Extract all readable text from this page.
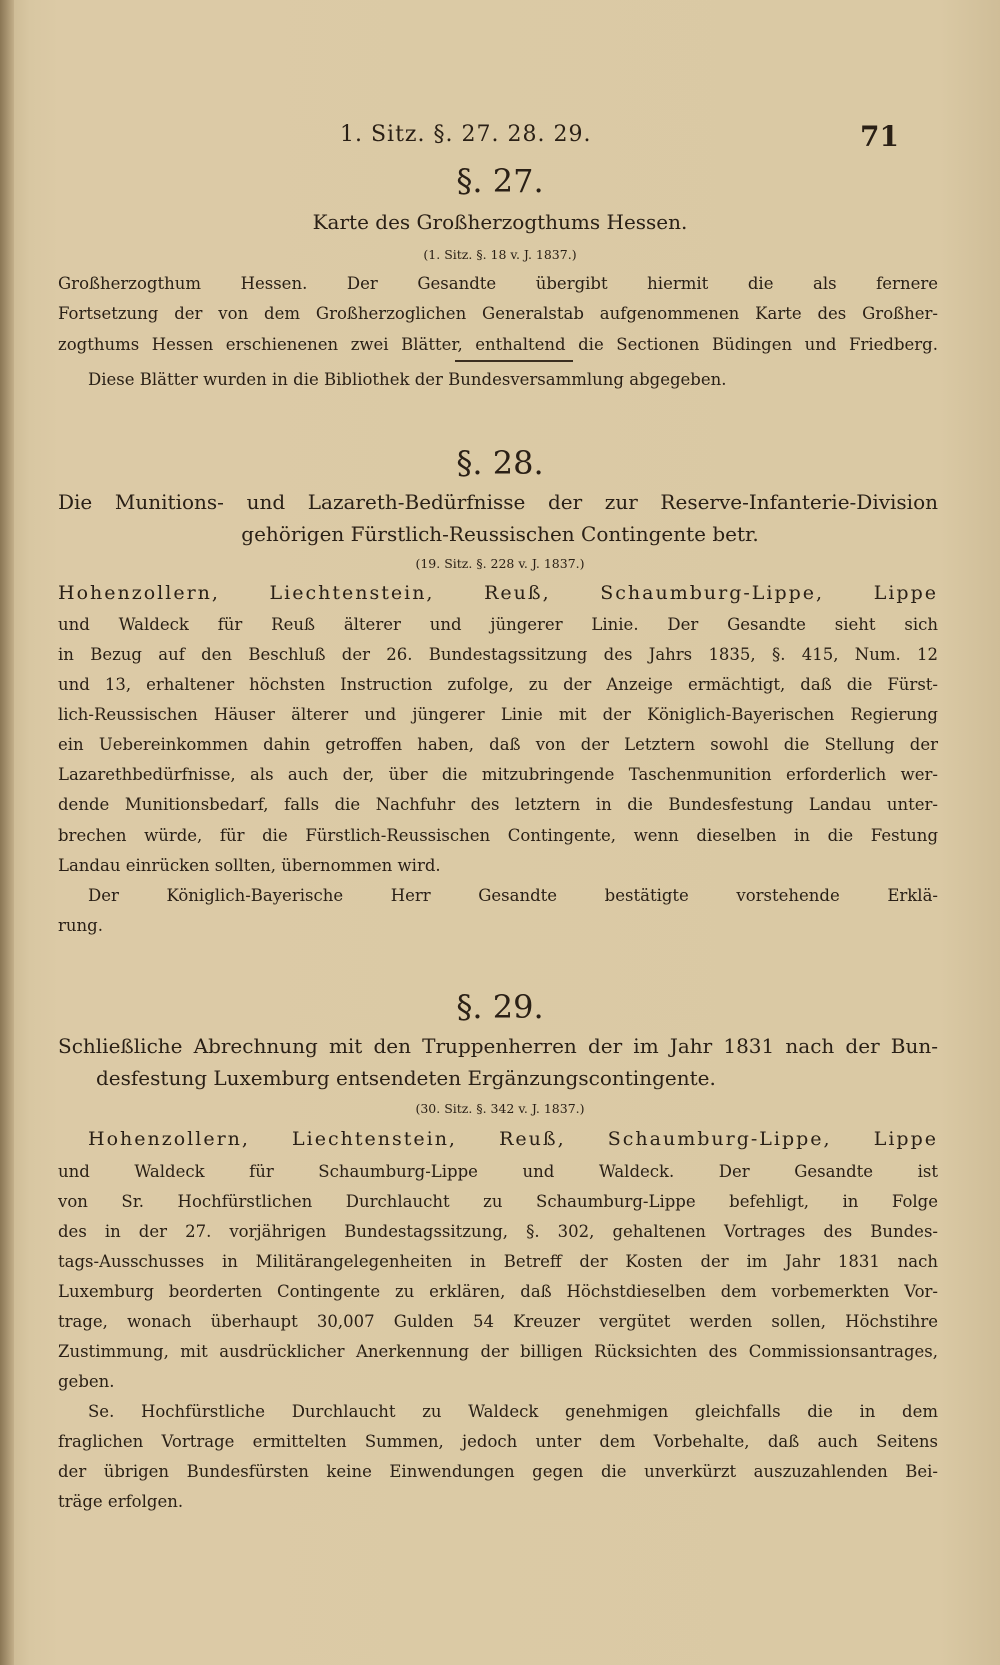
1. Sitz. §. 27. 28. 29.	71
§. 27.
Karte des Großherzogthums Hessen.
(1. Sitz. §. 18 v. J. 1837.)
Großherzogthum Hessen. Der Gesandte übergibt hiermit die als fernere
Fortsetzung der von dem Großherzoglichen Generalstab aufgenommenen Karte des Großher-
zogthums Hessen erschienenen zwei Blätter, enthaltend die Sectionen Büdingen und Friedberg.
Diese Blätter wurden in die Bibliothek der Bundesversammlung abgegeben.
§. 28.
Die Munitions- und Lazareth-Bedürfnisse der zur Reserve-Infanterie-Division
gehörigen Fürstlich-Reussischen Contingente betr.
(19. Sitz. §. 228 v. J. 1837.)
Hohenzollern, Liechtenstein, Reuß, Schaumburg-Lippe, Lippe
und Waldeck für Reuß älterer und jüngerer Linie. Der Gesandte sieht sich
in Bezug auf den Beschluß der 26. Bundestagssitzung des Jahrs 1835, §. 415, Num. 12
und 13, erhaltener höchsten Instruction zufolge, zu der Anzeige ermächtigt, daß die Fürst-
lich-Reussischen Häuser älterer und jüngerer Linie mit der Königlich-Bayerischen Regierung
ein Uebereinkommen dahin getroffen haben, daß von der Letztern sowohl die Stellung der
Lazarethbedürfnisse, als auch der, über die mitzubringende Taschenmunition erforderlich wer-
dende Munitionsbedarf, falls die Nachfuhr des letztern in die Bundesfestung Landau unter-
brechen würde, für die Fürstlich-Reussischen Contingente, wenn dieselben in die Festung
Landau einrücken sollten, übernommen wird.
Der Königlich-Bayerische Herr Gesandte bestätigte vorstehende Erklä-
rung.
§. 29.
Schließliche Abrechnung mit den Truppenherren der im Jahr 1831 nach der Bun-
desfestung Luxemburg entsendeten Ergänzungscontingente.
(30. Sitz. §. 342 v. J. 1837.)
Hohenzollern, Liechtenstein, Reuß, Schaumburg-Lippe, Lippe
und Waldeck für Schaumburg-Lippe und Waldeck. Der Gesandte ist
von Sr. Hochfürstlichen Durchlaucht zu Schaumburg-Lippe befehligt, in Folge
des in der 27. vorjährigen Bundestagssitzung, §. 302, gehaltenen Vortrages des Bundes-
tags-Ausschusses in Militärangelegenheiten in Betreff der Kosten der im Jahr 1831 nach
Luxemburg beorderten Contingente zu erklären, daß Höchstdieselben dem vorbemerkten Vor-
trage, wonach überhaupt 30,007 Gulden 54 Kreuzer vergütet werden sollen, Höchstihre
Zustimmung, mit ausdrücklicher Anerkennung der billigen Rücksichten des Commissionsantrages,
geben.
Se. Hochfürstliche Durchlaucht zu Waldeck genehmigen gleichfalls die in dem
fraglichen Vortrage ermittelten Summen, jedoch unter dem Vorbehalte, daß auch Seitens
der übrigen Bundesfürsten keine Einwendungen gegen die unverkürzt auszuzahlenden Bei-
träge erfolgen.
